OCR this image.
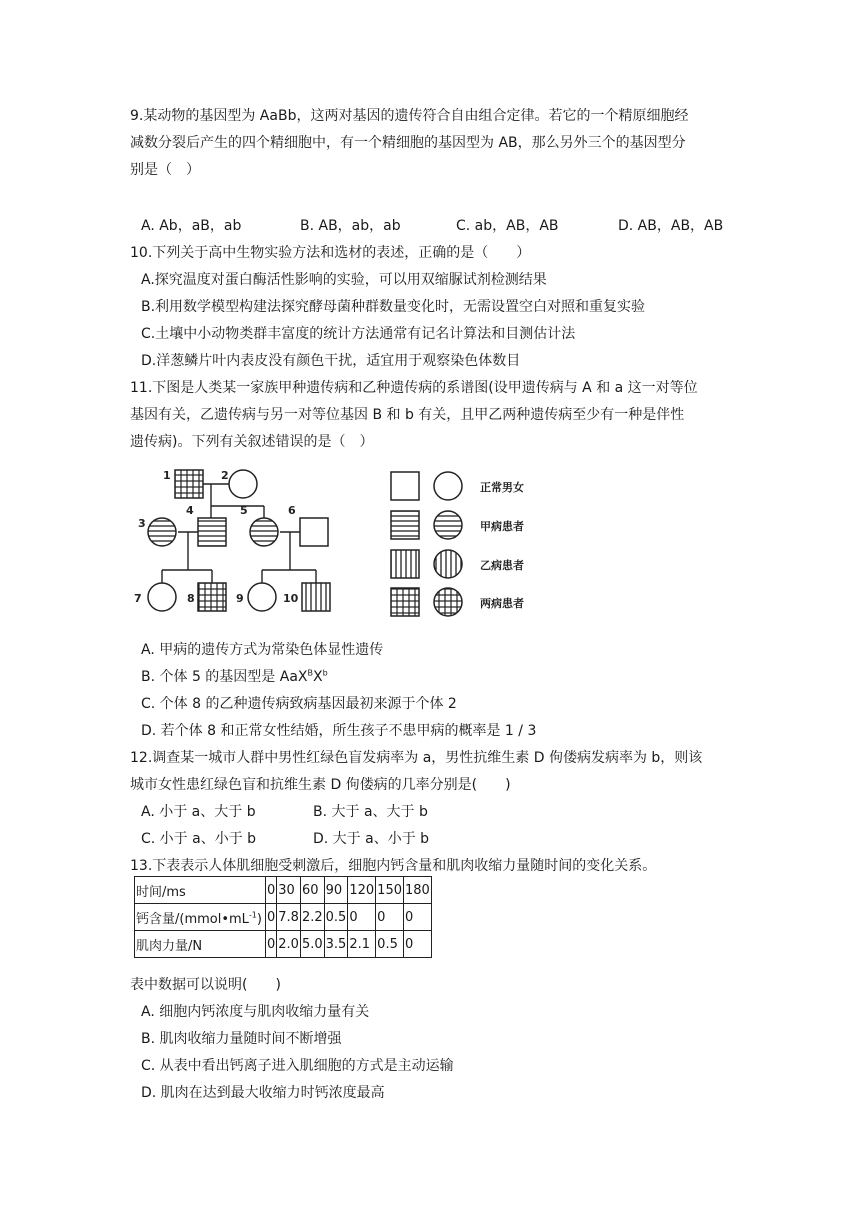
9.某动物的基因型为 AaBb，这两对基因的遗传符合自由组合定律。若它的一个精原细胞经
减数分裂后产生的四个精细胞中，有一个精细胞的基因型为 AB，那么另外三个的基因型分
别是（　）
A. Ab，aB，ab	B. AB，ab，ab	C. ab，AB，AB	D. AB，AB，AB
10.下列关于高中生物实验方法和选材的表述，正确的是（　　）
A.探究温度对蛋白酶活性影响的实验，可以用双缩脲试剂检测结果
B.利用数学模型构建法探究酵母菌种群数量变化时，无需设置空白对照和重复实验
C.土壤中小动物类群丰富度的统计方法通常有记名计算法和目测估计法
D.洋葱鳞片叶内表皮没有颜色干扰，适宜用于观察染色体数目
11.下图是人类某一家族甲种遗传病和乙种遗传病的系谱图(设甲遗传病与 A 和 a 这一对等位
基因有关，乙遗传病与另一对等位基因 B 和 b 有关，且甲乙两种遗传病至少有一种是伴性
遗传病)。下列有关叙述错误的是（　）
1	2
3
4	5	6
7	8	9	10
正常男女
甲病患者
乙病患者
两病患者
A. 甲病的遗传方式为常染色体显性遗传
B. 个体 5 的基因型是 $AaX^BX^b$
C. 个体 8 的乙种遗传病致病基因最初来源于个体 2
D. 若个体 8 和正常女性结婚，所生孩子不患甲病的概率是 1 / 3
12.调查某一城市人群中男性红绿色盲发病率为 a，男性抗维生素 D 佝偻病发病率为 b，则该
城市女性患红绿色盲和抗维生素 D 佝偻病的几率分别是(　　)
A. 小于 a、大于 b	B. 大于 a、大于 b
C. 小于 a、小于 b	D. 大于 a、小于 b
13.下表表示人体肌细胞受刺激后，细胞内钙含量和肌肉收缩力量随时间的变化关系。
时间/ms	0	30	60	90	120	150	180
钙含量$/(mmol•mL^{-1})$	0	7.8	2.2	0.5	0	0	0
肌肉力量/N	0	2.0	5.0	3.5	2.1	0.5	0
表中数据可以说明(　　)
A. 细胞内钙浓度与肌肉收缩力量有关
B. 肌肉收缩力量随时间不断增强
C. 从表中看出钙离子进入肌细胞的方式是主动运输
D. 肌肉在达到最大收缩力时钙浓度最高
